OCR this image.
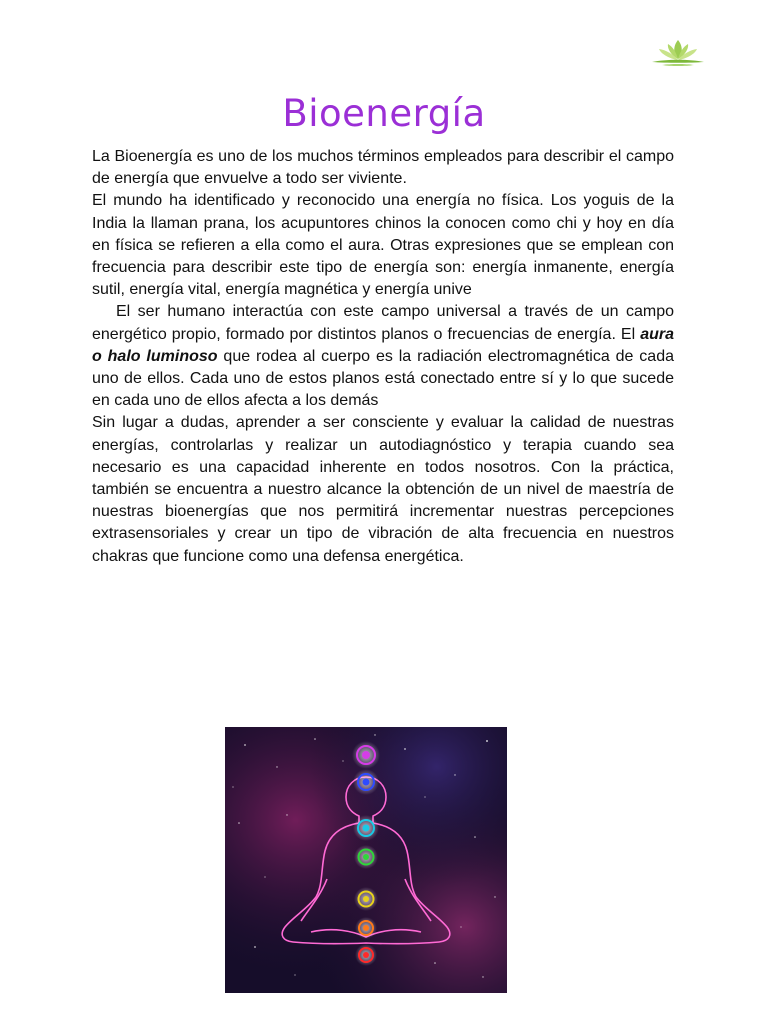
Bioenergía

La Bioenergía es uno de los muchos términos empleados para describir el campo de energía que envuelve a todo ser viviente.

El mundo ha identificado y reconocido una energía no física. Los yoguis de la India la llaman prana, los acupuntores chinos la conocen como chi y hoy en día en física se refieren a ella como el aura. Otras expresiones que se emplean con frecuencia para describir este tipo de energía son: energía inmanente, energía sutil, energía vital, energía magnética y energía unive

El ser humano interactúa con este campo universal a través de un campo energético propio, formado por distintos planos o frecuencias de energía. El aura o halo luminoso que rodea al cuerpo es la radiación electromagnética de cada uno de ellos. Cada uno de estos planos está conectado entre sí y lo que sucede en cada uno de ellos afecta a los demás

Sin lugar a dudas, aprender a ser consciente y evaluar la calidad de nuestras energías, controlarlas y realizar un autodiagnóstico y terapia cuando sea necesario es una capacidad inherente en todos nosotros. Con la práctica, también se encuentra a nuestro alcance la obtención de un nivel de maestría de nuestras bioenergías que nos permitirá incrementar nuestras percepciones extrasensoriales y crear un tipo de vibración de alta frecuencia en nuestros chakras que funcione como una defensa energética.
